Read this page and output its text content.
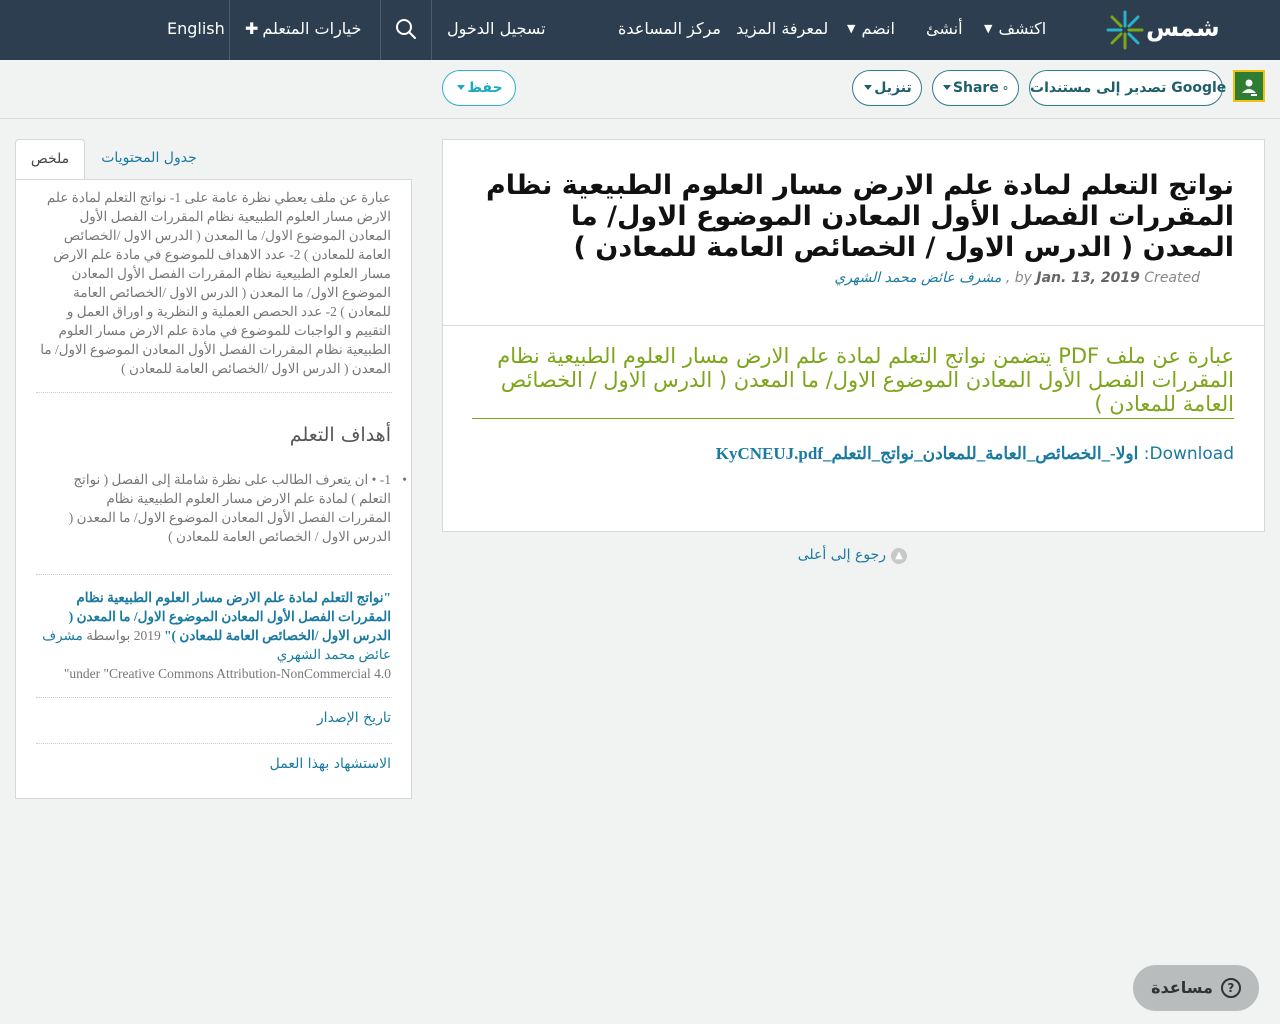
شمس
▼ اكتشف
أنشئ
▼ انضم
لمعرفة المزيد
مركز المساعدة
تسجيل الدخول
✚ خيارات المتعلم
English
تصدير إلى مستندات Google
Share ⚬
تنزيل
حفظ
نواتج التعلم لمادة علم الارض مسار العلوم الطبيعية نظام المقررات الفصل الأول المعادن الموضوع الاول/ ما المعدن ( الدرس الاول / الخصائص العامة للمعادن ) $^{by Jan. 13, 2019 Created , مشرف عائض محمد الشهري}$
عبارة عن ملف PDF يتضمن نواتج التعلم لمادة علم الارض مسار العلوم الطبيعية نظام المقررات الفصل الأول المعادن الموضوع الاول/ ما المعدن ( الدرس الاول / الخصائص العامة للمعادن )
Download: اولا-_الخصائص_العامة_للمعادن_نواتج_التعلم_KyCNEUJ.pdf
▲رجوع إلى أعلى
جدول المحتويات
ملخص
عبارة عن ملف يعطي نظرة عامة على 1- نواتج التعلم لمادة علم الارض مسار العلوم الطبيعية نظام المقررات الفصل الأول المعادن الموضوع الاول/ ما المعدن ( الدرس الاول /الخصائص العامة للمعادن ) 2- عدد الاهداف للموضوع في مادة علم الارض مسار العلوم الطبيعية نظام المقررات الفصل الأول المعادن الموضوع الاول/ ما المعدن ( الدرس الاول /الخصائص العامة للمعادن ) 2- عدد الحصص العملية و النظرية و اوراق العمل و التقييم و الواجبات للموضوع في مادة علم الارض مسار العلوم الطبيعية نظام المقررات الفصل الأول المعادن الموضوع الاول/ ما المعدن ( الدرس الاول /الخصائص العامة للمعادن )
أهداف التعلم
•
1- • ان يتعرف الطالب على نظرة شاملة إلى الفصل ( نواتج التعلم ) لمادة علم الارض مسار العلوم الطبيعية نظام المقررات الفصل الأول المعادن الموضوع الاول/ ما المعدن ( الدرس الاول / الخصائص العامة للمعادن )
"نواتج التعلم لمادة علم الارض مسار العلوم الطبيعية نظام المقررات الفصل الأول المعادن الموضوع الاول/ ما المعدن ( الدرس الاول /الخصائص العامة للمعادن )" 2019 بواسطة مشرف عائض محمد الشهري
under "Creative Commons Attribution-NonCommercial 4.0"
تاريخ الإصدار
الاستشهاد بهذا العمل
?مساعدة
